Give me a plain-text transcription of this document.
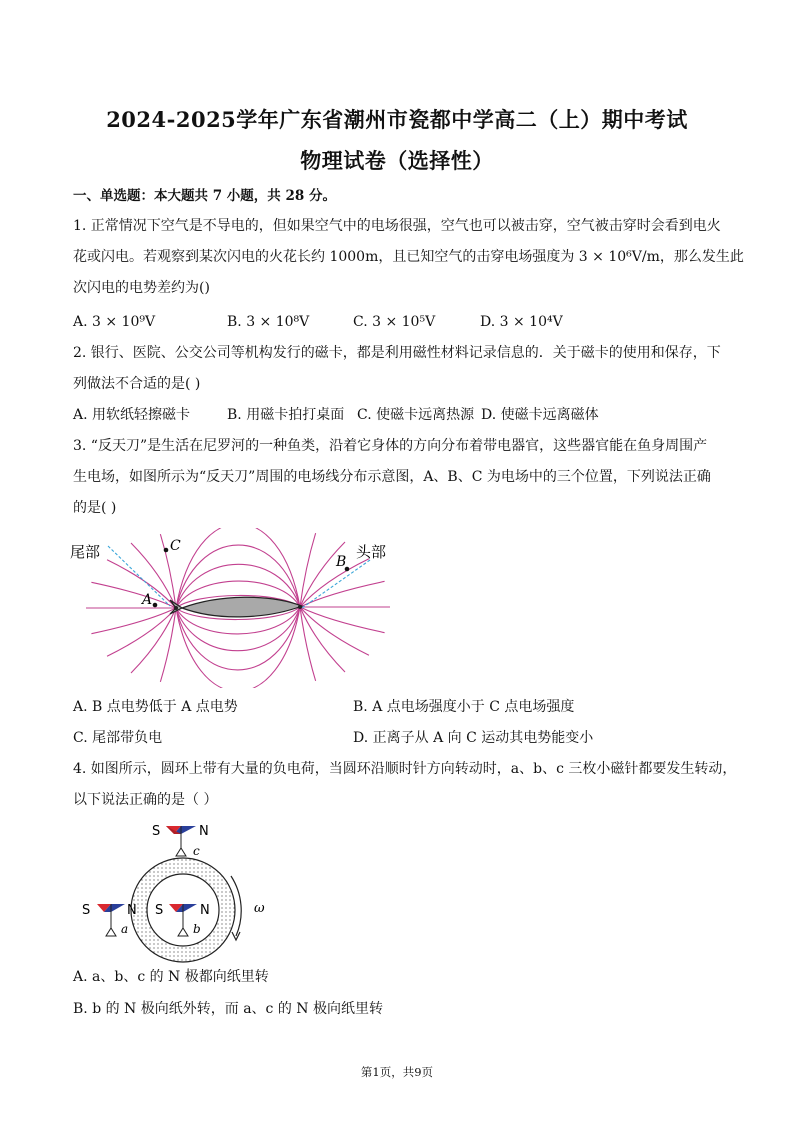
2024-2025学年广东省潮州市瓷都中学高二（上）期中考试
物理试卷（选择性）
一、单选题：本大题共 7 小题，共 28 分。
1. 正常情况下空气是不导电的，但如果空气中的电场很强，空气也可以被击穿，空气被击穿时会看到电火
花或闪电。若观察到某次闪电的火花长约 1000m，且已知空气的击穿电场强度为 3 × 10⁶V/m，那么发生此
次闪电的电势差约为()
A. 3 × 10⁹V	B. 3 × 10⁸V	C. 3 × 10⁵V	D. 3 × 10⁴V
2. 银行、医院、公交公司等机构发行的磁卡，都是利用磁性材料记录信息的．关于磁卡的使用和保存，下
列做法不合适的是( )
A. 用软纸轻擦磁卡	B. 用磁卡拍打桌面 C. 使磁卡远离热源 D. 使磁卡远离磁体
3. “反天刀”是生活在尼罗河的一种鱼类，沿着它身体的方向分布着带电器官，这些器官能在鱼身周围产
生电场，如图所示为“反天刀”周围的电场线分布示意图，A、B、C 为电场中的三个位置，下列说法正确
的是( )
尾部	头部
C
A
B
A. B 点电势低于 A 点电势	B. A 点电场强度小于 C 点电场强度
C. 尾部带负电	D. 正离子从 A 向 C 运动其电势能变小
4. 如图所示，圆环上带有大量的负电荷，当圆环沿顺时针方向转动时，a、b、c 三枚小磁针都要发生转动，
以下说法正确的是（ ）
ω
S	N
c
S	N
a
S	N
b
A. a、b、c 的 N 极都向纸里转
B. b 的 N 极向纸外转，而 a、c 的 N 极向纸里转
第1页，共9页
